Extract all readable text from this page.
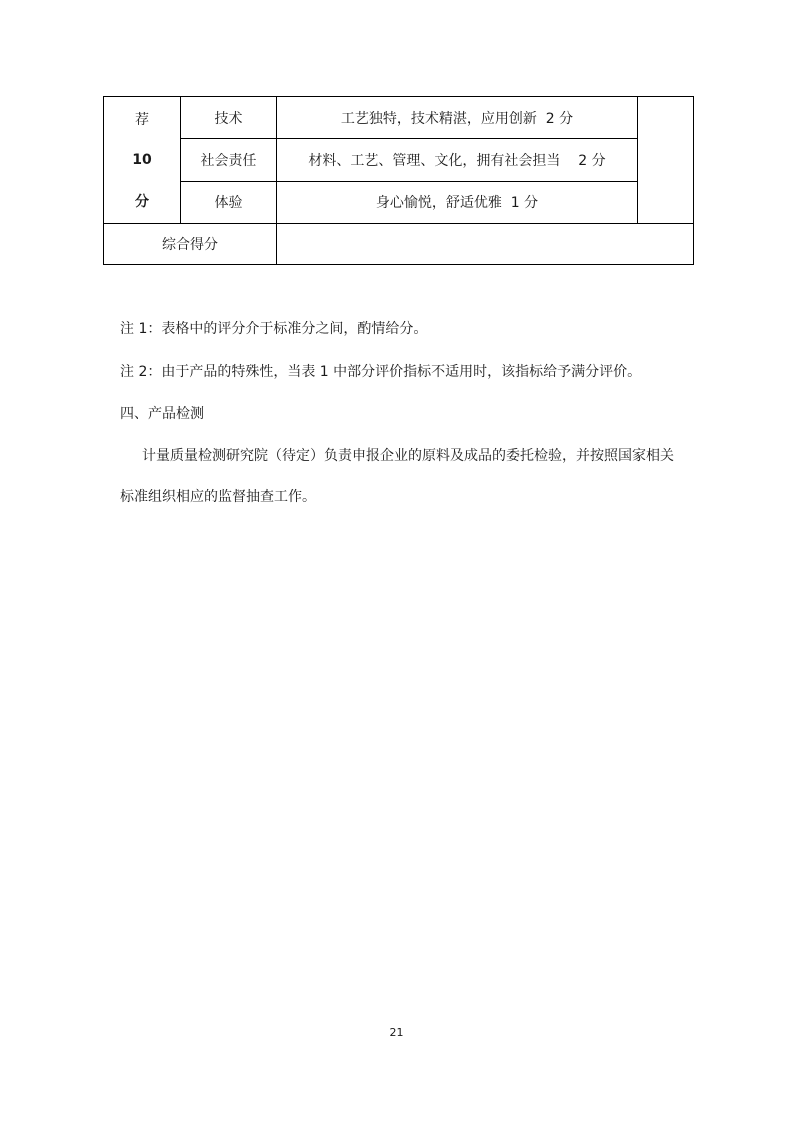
荐
10
分	技术	工艺独特，技术精湛，应用创新  2 分	
	社会责任	材料、工艺、管理、文化，拥有社会担当    2 分	
	体验	身心愉悦，舒适优雅  1 分	
综合得分			
注 1：表格中的评分介于标准分之间，酌情给分。
注 2：由于产品的特殊性，当表 1 中部分评价指标不适用时，该指标给予满分评价。
四、产品检测
计量质量检测研究院（待定）负责申报企业的原料及成品的委托检验，并按照国家相关
标准组织相应的监督抽查工作。
21
